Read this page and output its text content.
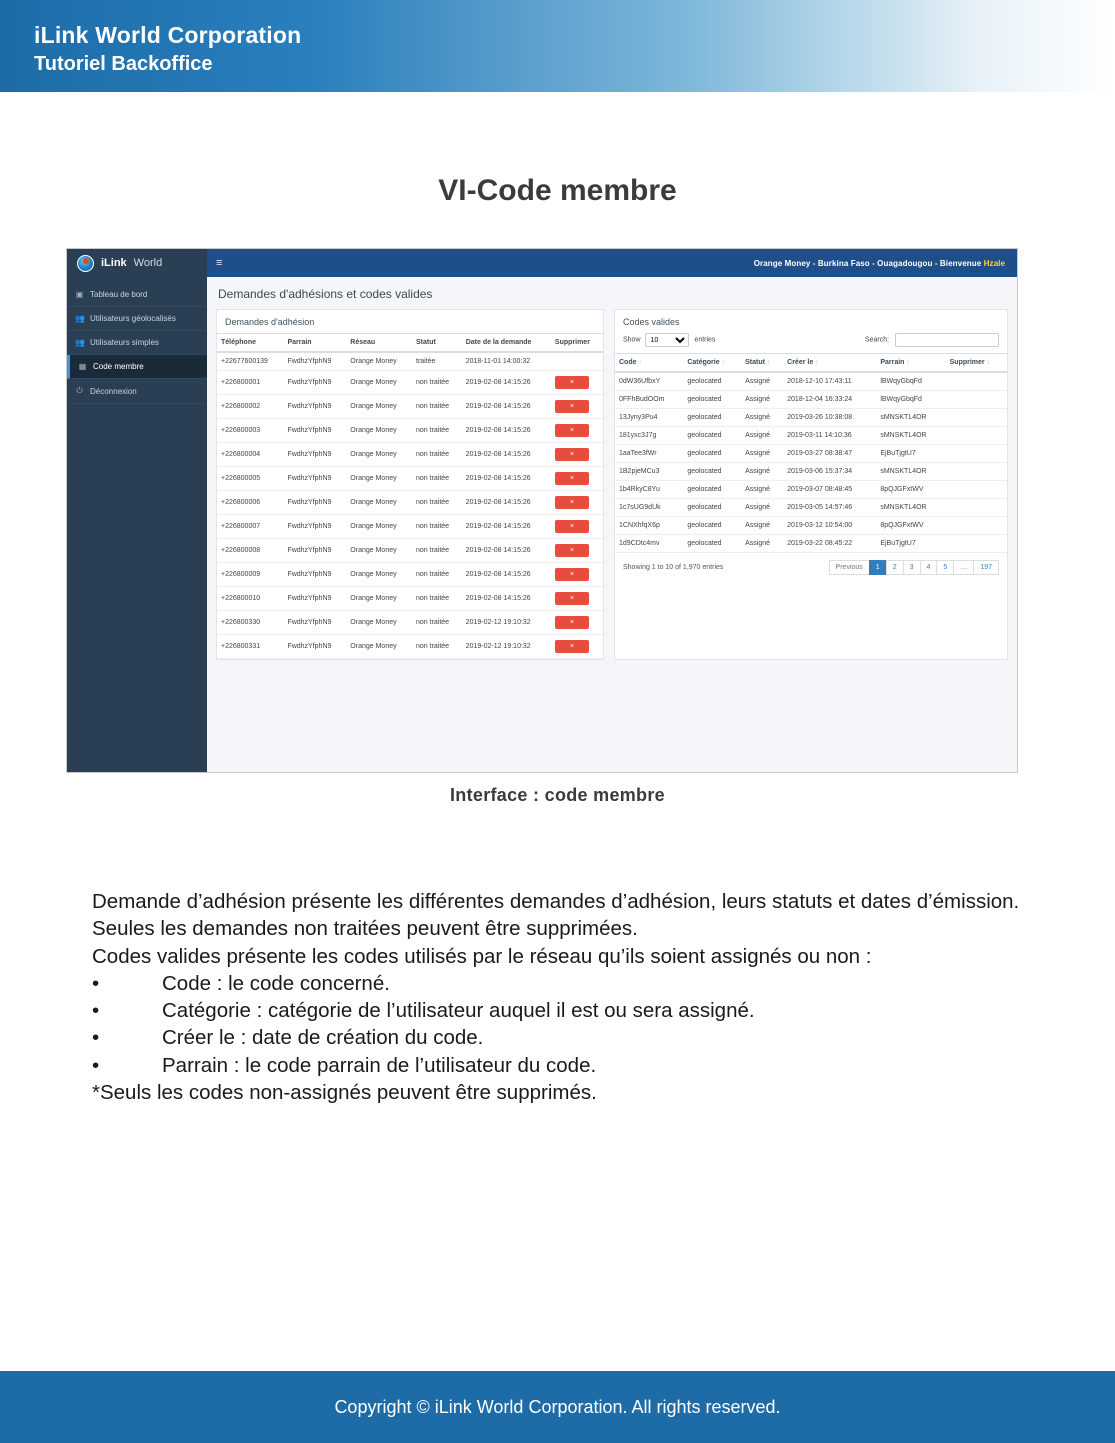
iLink World Corporation
Tutoriel Backoffice
VI-Code membre
iLink World	≡	Orange Money - Burkina Faso - Ouagadougou - Bienvenue Hzale
▣ Tableau de bord
👥 Utilisateurs géolocalisés
👥 Utilisateurs simples
▦ Code membre
⏻ Déconnexion
Demandes d'adhésions et codes valides
Demandes d'adhésion
Téléphone	Parrain	Réseau	Statut	Date de la demande	Supprimer
+22677600139	FwdhzYfphN9	Orange Money	traitée	2018-11-01 14:00:32	
+226800001	FwdhzYfphN9	Orange Money	non traitée	2019-02-08 14:15:26	×
+226800002	FwdhzYfphN9	Orange Money	non traitée	2019-02-08 14:15:26	×
+226800003	FwdhzYfphN9	Orange Money	non traitée	2019-02-08 14:15:26	×
+226800004	FwdhzYfphN9	Orange Money	non traitée	2019-02-08 14:15:26	×
+226800005	FwdhzYfphN9	Orange Money	non traitée	2019-02-08 14:15:26	×
+226800006	FwdhzYfphN9	Orange Money	non traitée	2019-02-08 14:15:26	×
+226800007	FwdhzYfphN9	Orange Money	non traitée	2019-02-08 14:15:26	×
+226800008	FwdhzYfphN9	Orange Money	non traitée	2019-02-08 14:15:26	×
+226800009	FwdhzYfphN9	Orange Money	non traitée	2019-02-08 14:15:26	×
+226800010	FwdhzYfphN9	Orange Money	non traitée	2019-02-08 14:15:26	×
+226800330	FwdhzYfphN9	Orange Money	non traitée	2019-02-12 19:10:32	×
+226800331	FwdhzYfphN9	Orange Money	non traitée	2019-02-12 19:10:32	×
Codes valides
Show
10	entries	Search:
Code ↕	Catégorie ↕	Statut ↕	Créer le ↕	Parrain ↕	Supprimer ↕
0dW36UfbxY	geolocated	Assigné	2018-12-10 17:43:11	lBWqyGbqFd	
0FFhBudOOm	geolocated	Assigné	2018-12-04 16:33:24	lBWqyGbqFd	
13Jyny3Pu4	geolocated	Assigné	2019-03-26 10:38:08	sMNSKTL4OR	
181yxc3J7g	geolocated	Assigné	2019-03-11 14:10:36	sMNSKTL4OR	
1aaTee3fWr	geolocated	Assigné	2019-03-27 08:38:47	EjBuTjgtU7	
1B2pjeMCu3	geolocated	Assigné	2019-03-06 15:37:34	sMNSKTL4OR	
1b4RkyC8Yu	geolocated	Assigné	2019-03-07 08:48:45	8pQJGFxtWV	
1c7sUG9dUk	geolocated	Assigné	2019-03-05 14:57:46	sMNSKTL4OR	
1CNXhfqX6p	geolocated	Assigné	2019-03-12 10:54:00	8pQJGFxtWV	
1d9CDtc4mv	geolocated	Assigné	2019-03-22 08:45:22	EjBuTjgtU7	
Showing 1 to 10 of 1,970 entries	Previous	1	2	3	4	5	…	197
Interface : code membre

Demande d’adhésion présente les différentes demandes d’adhésion, leurs statuts et dates d’émission. Seules les demandes non traitées peuvent être supprimées.

Codes valides présente les codes utilisés par le réseau qu’ils soient assignés ou non :

•	Code : le code concerné.
•	Catégorie : catégorie de l’utilisateur auquel il est ou sera assigné.
•	Créer le : date de création du code.
•	Parrain : le code parrain de l’utilisateur du code.

*Seuls les codes non-assignés peuvent être supprimés.

Copyright © iLink World Corporation. All rights reserved.
